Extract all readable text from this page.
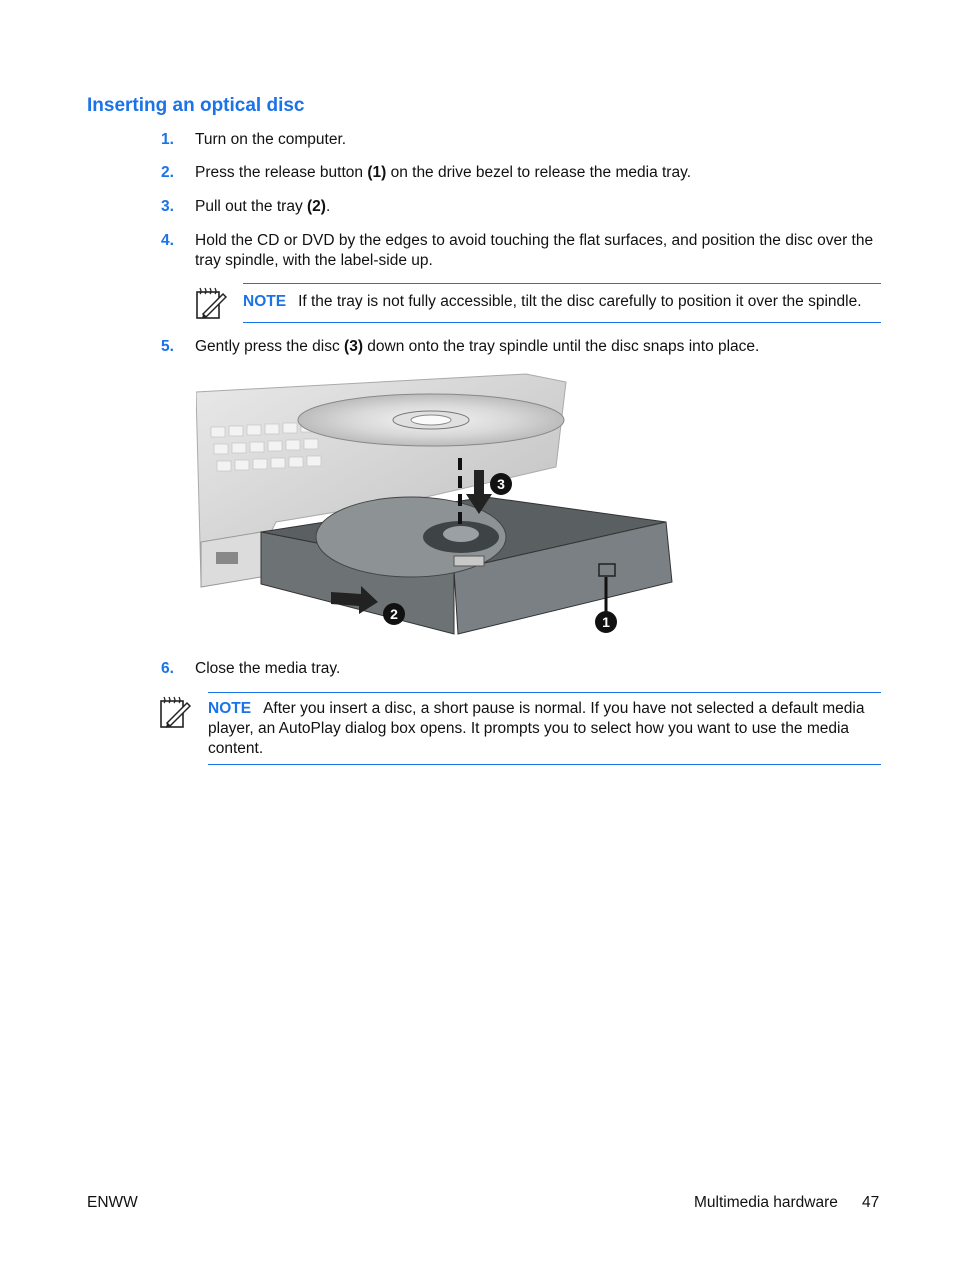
Inserting an optical disc
1. Turn on the computer.
2. Press the release button (1) on the drive bezel to release the media tray.
3. Pull out the tray (2).
4. Hold the CD or DVD by the edges to avoid touching the flat surfaces, and position the disc over the tray spindle, with the label-side up.
NOTE If the tray is not fully accessible, tilt the disc carefully to position it over the spindle.
5. Gently press the disc (3) down onto the tray spindle until the disc snaps into place.
3
2	1
6. Close the media tray.
NOTE After you insert a disc, a short pause is normal. If you have not selected a default media player, an AutoPlay dialog box opens. It prompts you to select how you want to use the media content.
ENWW	Multimedia hardware 47
